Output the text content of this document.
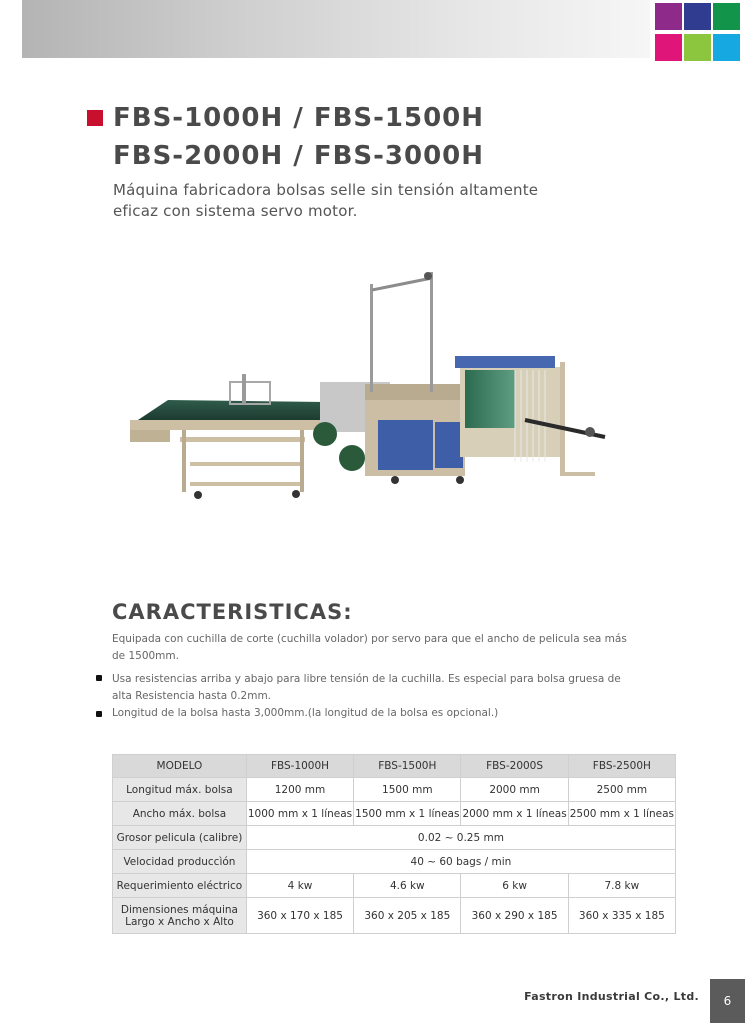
FBS-1000H / FBS-1500H
FBS-2000H / FBS-3000H
Máquina fabricadora bolsas selle sin tensión altamente eficaz con sistema servo motor.
CARACTERISTICAS:
Equipada con cuchilla de corte (cuchilla volador) por servo para que el ancho de pelicula sea más de 1500mm.
Usa resistencias arriba y abajo para libre tensión de la cuchilla. Es especial para bolsa gruesa de alta Resistencia hasta 0.2mm.
Longitud de la bolsa hasta 3,000mm.(la longitud de la bolsa es opcional.)
MODELO	FBS-1000H	FBS-1500H	FBS-2000S	FBS-2500H
Longitud máx. bolsa	1200 mm	1500 mm	2000 mm	2500 mm
Ancho máx. bolsa	1000 mm x 1 líneas	1500 mm x 1 líneas	2000 mm x 1 líneas	2500 mm x 1 líneas
Grosor pelicula (calibre)	0.02 ~ 0.25 mm			
Velocidad produccìón	40 ~ 60 bags / min			
Requerimiento eléctrico	4 kw	4.6 kw	6 kw	7.8 kw

Dimensiones máquina
Largo x Ancho x Alto	360 x 170 x 185	360 x 205 x 185	360 x 290 x 185	360 x 335 x 185
Fastron Industrial Co., Ltd.	6
